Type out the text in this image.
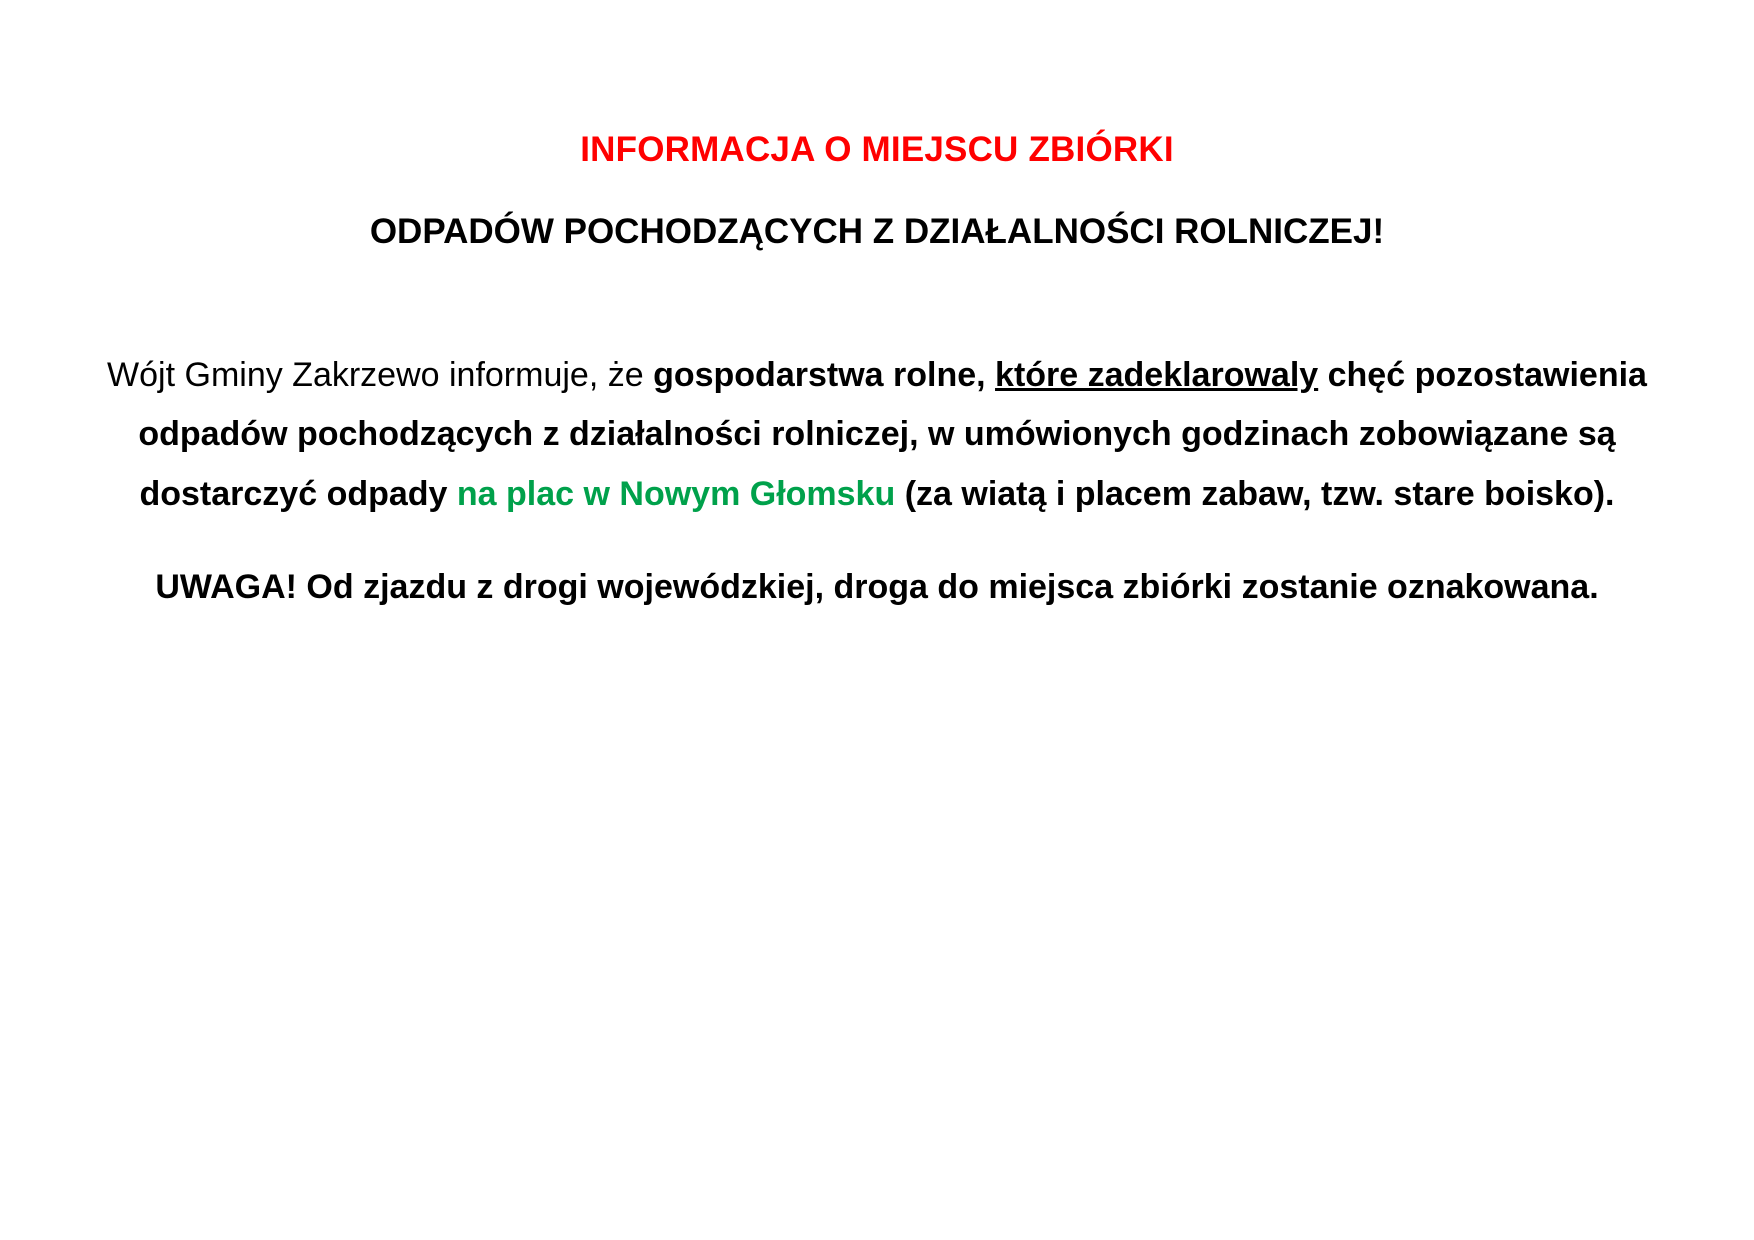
INFORMACJA O MIEJSCU ZBIÓRKI
ODPADÓW POCHODZĄCYCH Z DZIAŁALNOŚCI ROLNICZEJ!

Wójt Gminy Zakrzewo informuje, że gospodarstwa rolne, które zadeklarowaly chęć pozostawienia odpadów pochodzących z działalności rolniczej, w umówionych godzinach zobowiązane są dostarczyć odpady na plac w Nowym Głomsku (za wiatą i placem zabaw, tzw. stare boisko).

UWAGA! Od zjazdu z drogi wojewódzkiej, droga do miejsca zbiórki zostanie oznakowana.
